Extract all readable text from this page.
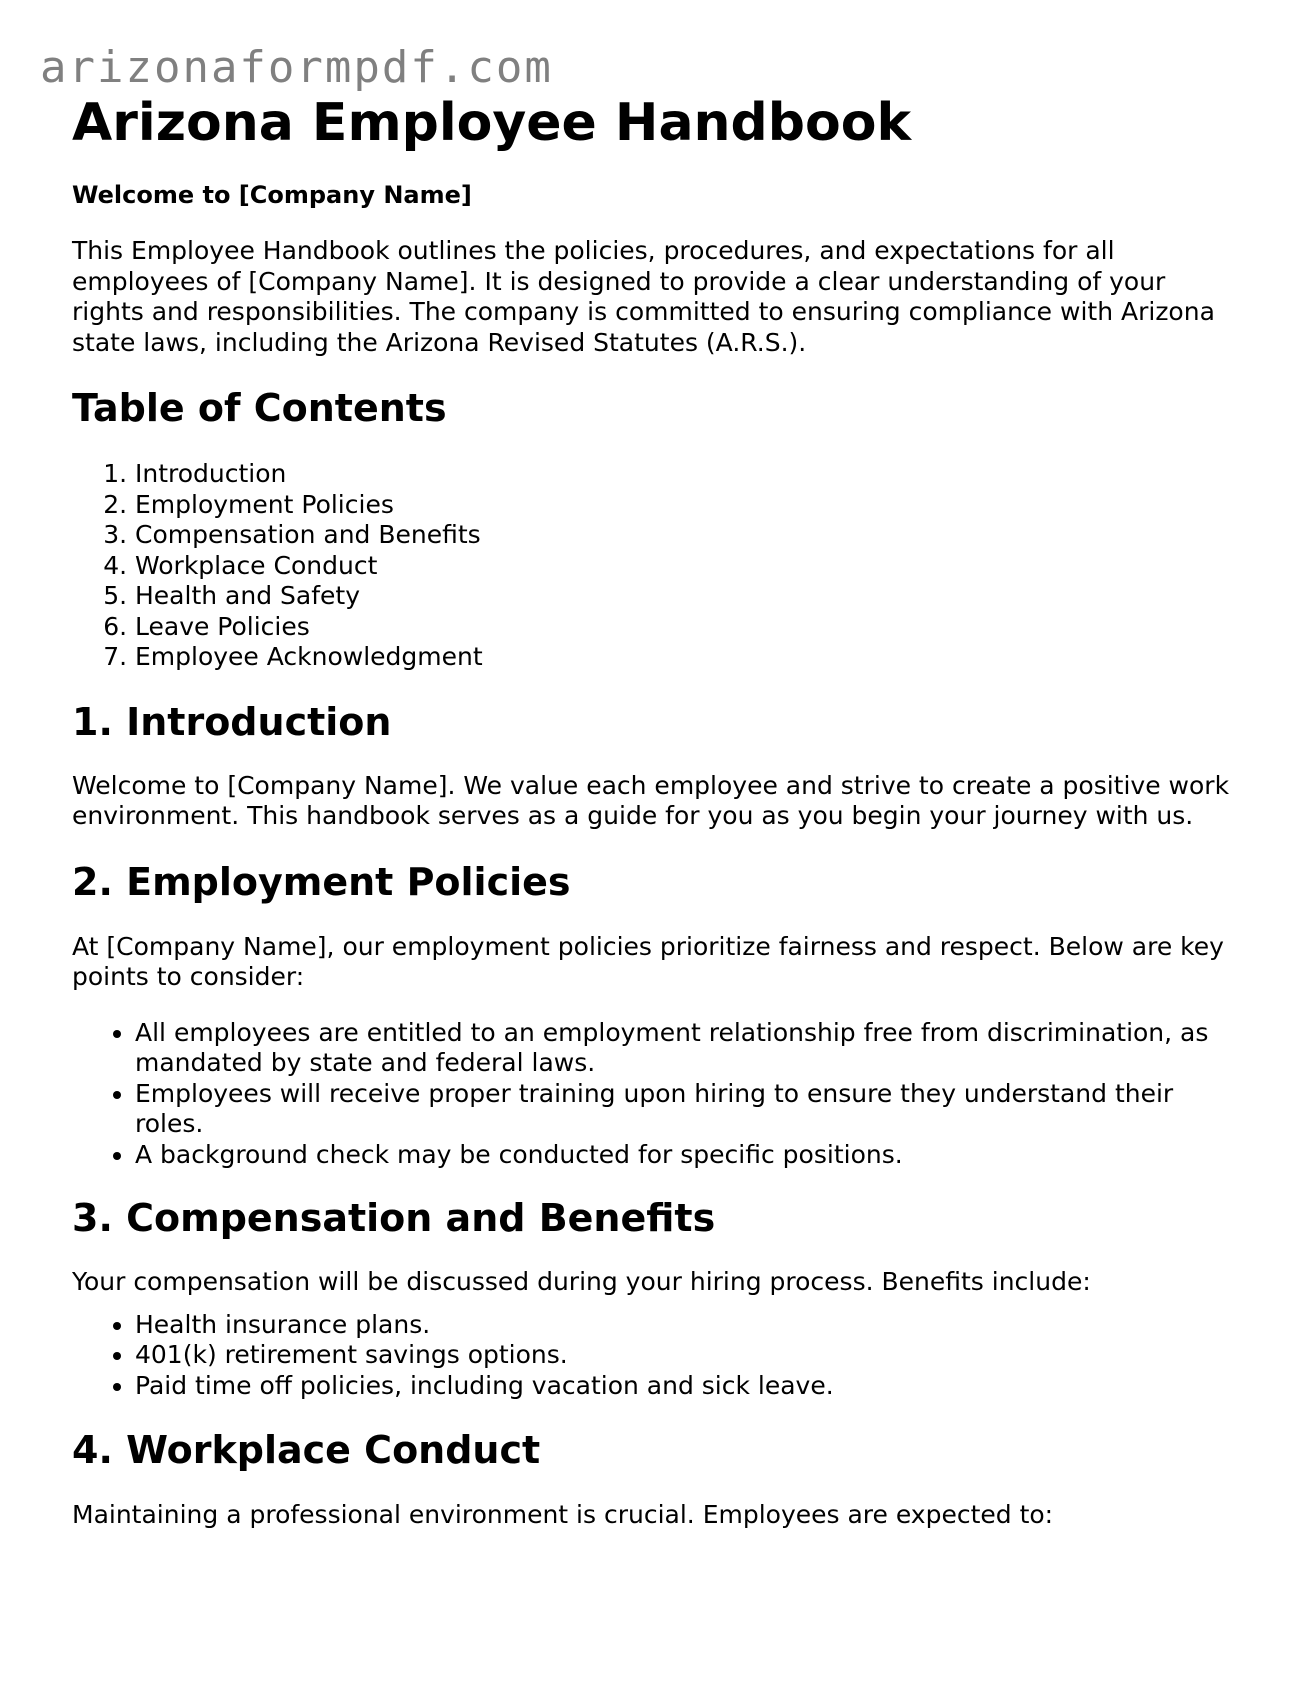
arizonaformpdf.com
Arizona Employee Handbook
Welcome to [Company Name]

This Employee Handbook outlines the policies, procedures, and expectations for all employees of [Company Name]. It is designed to provide a clear understanding of your rights and responsibilities. The company is committed to ensuring compliance with Arizona state laws, including the Arizona Revised Statutes (A.R.S.).

Table of Contents
1. Introduction
2. Employment Policies
3. Compensation and Benefits
4. Workplace Conduct
5. Health and Safety
6. Leave Policies
7. Employee Acknowledgment
1. Introduction

Welcome to [Company Name]. We value each employee and strive to create a positive work environment. This handbook serves as a guide for you as you begin your journey with us.

2. Employment Policies

At [Company Name], our employment policies prioritize fairness and respect. Below are key points to consider:

• All employees are entitled to an employment relationship free from discrimination, as mandated by state and federal laws.
• Employees will receive proper training upon hiring to ensure they understand their roles.
• A background check may be conducted for specific positions.
3. Compensation and Benefits

Your compensation will be discussed during your hiring process. Benefits include:

• Health insurance plans.
• 401(k) retirement savings options.
• Paid time off policies, including vacation and sick leave.
4. Workplace Conduct

Maintaining a professional environment is crucial. Employees are expected to:
